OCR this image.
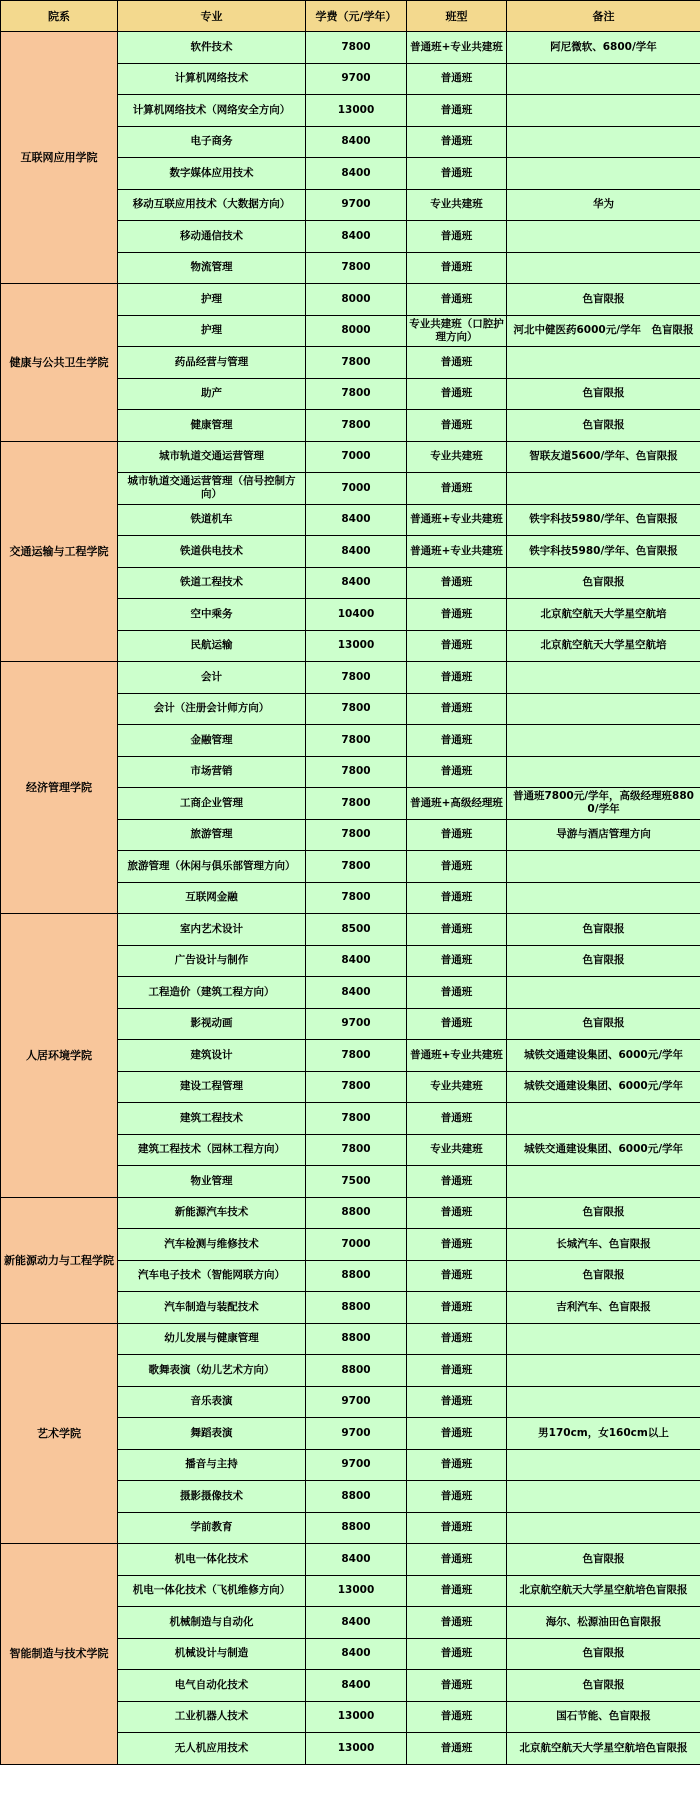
院系	专业	学费（元/学年）	班型	备注
互联网应用学院	软件技术	7800	普通班+专业共建班	阿尼微软、6800/学年
	计算机网络技术	9700	普通班	
	计算机网络技术（网络安全方向）	13000	普通班	
	电子商务	8400	普通班	
	数字媒体应用技术	8400	普通班	
	移动互联应用技术（大数据方向）	9700	专业共建班	华为
	移动通信技术	8400	普通班	
	物流管理	7800	普通班	
健康与公共卫生学院	护理	8000	普通班	色盲限报
	护理	8000	专业共建班（口腔护理方向）	河北中健医药6000元/学年　色盲限报
	药品经营与管理	7800	普通班	
	助产	7800	普通班	色盲限报
	健康管理	7800	普通班	色盲限报
交通运输与工程学院	城市轨道交通运营管理	7000	专业共建班	智联友道5600/学年、色盲限报
	城市轨道交通运营管理（信号控制方向）	7000	普通班	
	铁道机车	8400	普通班+专业共建班	铁宇科技5980/学年、色盲限报
	铁道供电技术	8400	普通班+专业共建班	铁宇科技5980/学年、色盲限报
	铁道工程技术	8400	普通班	色盲限报
	空中乘务	10400	普通班	北京航空航天大学星空航培
	民航运输	13000	普通班	北京航空航天大学星空航培
经济管理学院	会计	7800	普通班	
	会计（注册会计师方向）	7800	普通班	
	金融管理	7800	普通班	
	市场营销	7800	普通班	
	工商企业管理	7800	普通班+高级经理班	普通班7800元/学年，高级经理班8800/学年
	旅游管理	7800	普通班	导游与酒店管理方向
	旅游管理（休闲与俱乐部管理方向）	7800	普通班	
	互联网金融	7800	普通班	
人居环境学院	室内艺术设计	8500	普通班	色盲限报
	广告设计与制作	8400	普通班	色盲限报
	工程造价（建筑工程方向）	8400	普通班	
	影视动画	9700	普通班	色盲限报
	建筑设计	7800	普通班+专业共建班	城铁交通建设集团、6000元/学年
	建设工程管理	7800	专业共建班	城铁交通建设集团、6000元/学年
	建筑工程技术	7800	普通班	
	建筑工程技术（园林工程方向）	7800	专业共建班	城铁交通建设集团、6000元/学年
	物业管理	7500	普通班	
新能源动力与工程学院	新能源汽车技术	8800	普通班	色盲限报
	汽车检测与维修技术	7000	普通班	长城汽车、色盲限报
	汽车电子技术（智能网联方向）	8800	普通班	色盲限报
	汽车制造与装配技术	8800	普通班	吉利汽车、色盲限报
艺术学院	幼儿发展与健康管理	8800	普通班	
	歌舞表演（幼儿艺术方向）	8800	普通班	
	音乐表演	9700	普通班	
	舞蹈表演	9700	普通班	男170cm，女160cm以上
	播音与主持	9700	普通班	
	摄影摄像技术	8800	普通班	
	学前教育	8800	普通班	
智能制造与技术学院	机电一体化技术	8400	普通班	色盲限报
	机电一体化技术（飞机维修方向）	13000	普通班	北京航空航天大学星空航培色盲限报
	机械制造与自动化	8400	普通班	海尔、松源油田色盲限报
	机械设计与制造	8400	普通班	色盲限报
	电气自动化技术	8400	普通班	色盲限报
	工业机器人技术	13000	普通班	国石节能、色盲限报
	无人机应用技术	13000	普通班	北京航空航天大学星空航培色盲限报
